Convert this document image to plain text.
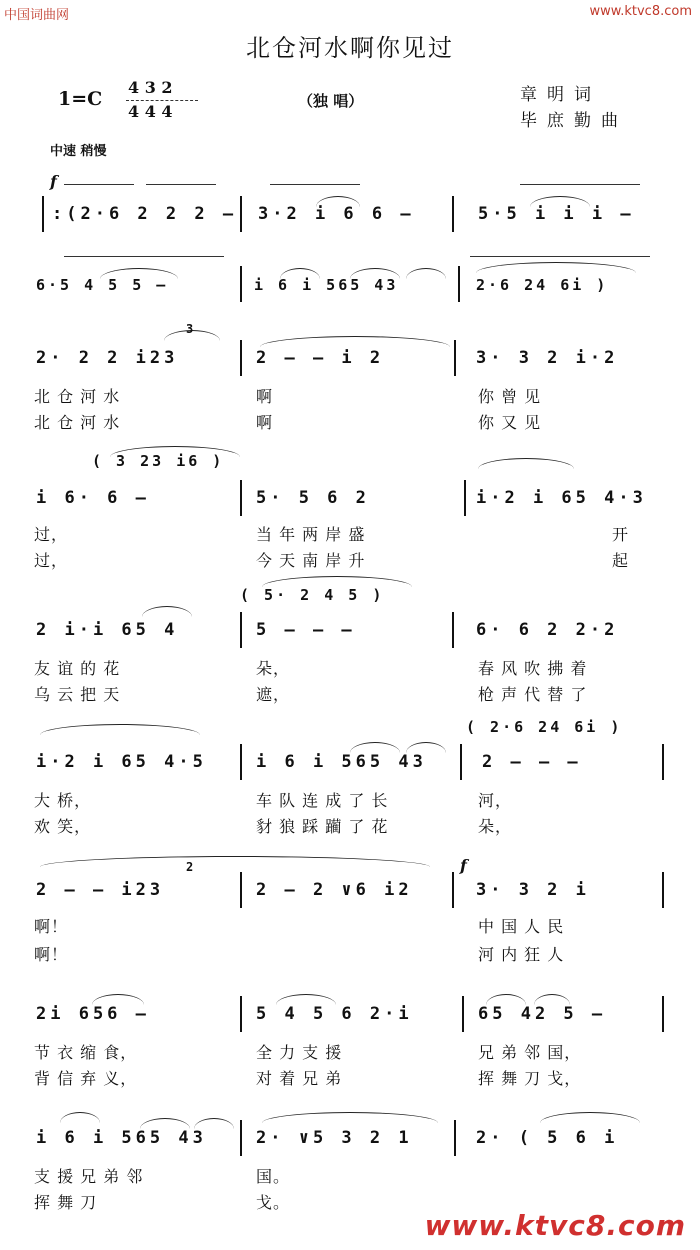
中国词曲网	www.ktvc8.com
北仓河水啊你见过
1=C
4 3 2
4 4 4
（独 唱）	章明词
毕庶勤曲
中速 稍慢
f
:(2·6 2 2 2 — 3·2 i 6 6 —	5·5 i i i —
6·5 4 5 5 —	i 6 i 565 43	2·6 24 6i )
3
2· 2 2 i23	2 — — i 2	3· 3 2 i·2
北 仓 河 水	啊	你 曾 见
北 仓 河 水	啊	你 又 见
( 3 23 i6 )
i 6· 6 —	5· 5 6 2	i·2 i 65 4·3
过，	当 年 两 岸 盛	开
过，	今 天 南 岸 升	起
( 5· 2 4 5 )
2 i·i 65 4	5 — — —	6· 6 2 2·2
友 谊 的 花	朵，	春 风 吹 拂 着
乌 云 把 天	遮，	枪 声 代 替 了
( 2·6 24 6i )
i·2 i 65 4·5	i 6 i 565 43	2 — — —
大 桥，	车 队 连 成 了 长	河，
欢 笑，	豺 狼 踩 躏 了 花	朵，
2	f
2 — — i23	2 — 2 ∨6 i2	3· 3 2 i
啊！	中 国 人 民
啊！	河 内 狂 人
2i 656 —	5 4 5 6 2·i	65 42 5 —
节 衣 缩 食，	全 力 支 援	兄 弟 邻 国，
背 信 弃 义，	对 着 兄 弟	挥 舞 刀 戈，
i 6 i 565 43	2· ∨5 3 2 1	2· ( 5 6 i
支 援 兄 弟 邻	国。
挥 舞 刀	戈。
www.ktvc8.com
